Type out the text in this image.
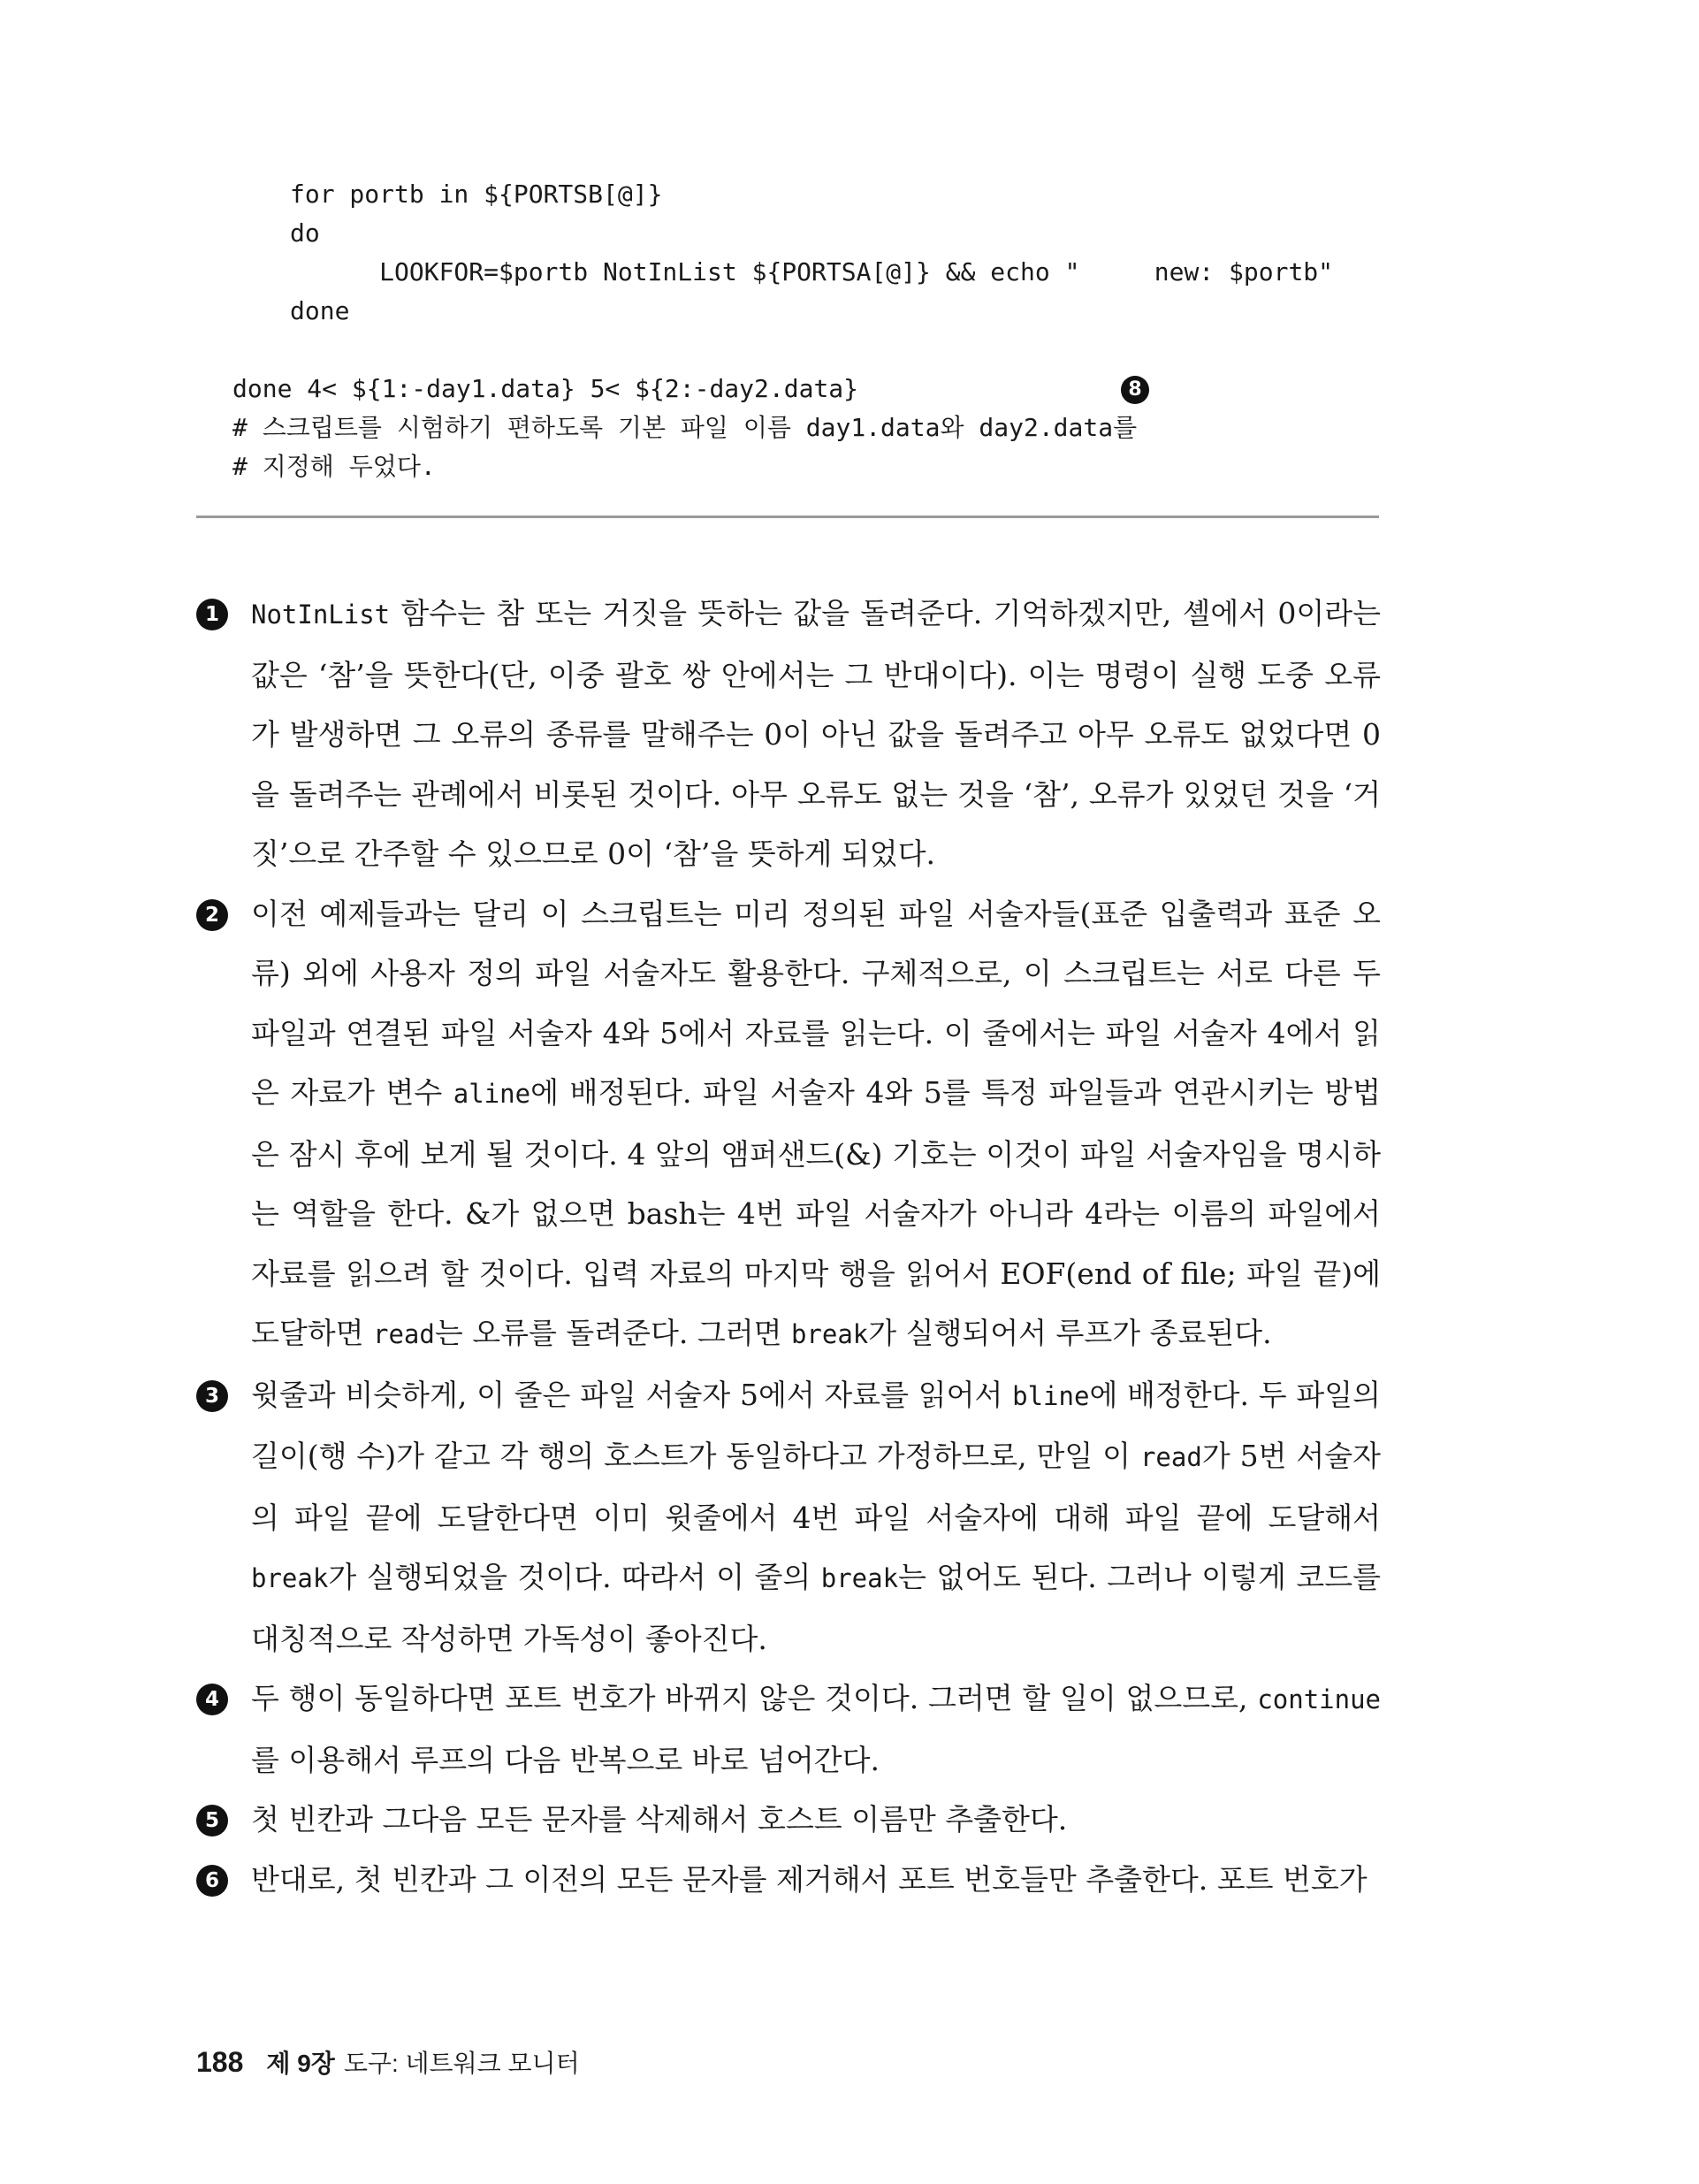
for portb in ${PORTSB[@]}
do
LOOKFOR=$portb NotInList ${PORTSA[@]} && echo "     new: $portb"
done
done 4< ${1:-day1.data} 5< ${2:-day2.data}	8
# 스크립트를 시험하기 편하도록 기본 파일 이름 day1.data와 day2.data를
# 지정해 두었다.
1	NotInList 함수는 참 또는 거짓을 뜻하는 값을 돌려준다. 기억하겠지만, 셸에서 0이라는 값은 ‘참’을 뜻한다(단, 이중 괄호 쌍 안에서는 그 반대이다). 이는 명령이 실행 도중 오류가 발생하면 그 오류의 종류를 말해주는 0이 아닌 값을 돌려주고 아무 오류도 없었다면 0을 돌려주는 관례에서 비롯된 것이다. 아무 오류도 없는 것을 ‘참’, 오류가 있었던 것을 ‘거짓’으로 간주할 수 있으므로 0이 ‘참’을 뜻하게 되었다.
2	이전 예제들과는 달리 이 스크립트는 미리 정의된 파일 서술자들(표준 입출력과 표준 오류) 외에 사용자 정의 파일 서술자도 활용한다. 구체적으로, 이 스크립트는 서로 다른 두 파일과 연결된 파일 서술자 4와 5에서 자료를 읽는다. 이 줄에서는 파일 서술자 4에서 읽은 자료가 변수 aline에 배정된다. 파일 서술자 4와 5를 특정 파일들과 연관시키는 방법은 잠시 후에 보게 될 것이다. 4 앞의 앰퍼샌드(&) 기호는 이것이 파일 서술자임을 명시하는 역할을 한다. &가 없으면 bash는 4번 파일 서술자가 아니라 4라는 이름의 파일에서 자료를 읽으려 할 것이다. 입력 자료의 마지막 행을 읽어서 EOF(end of file; 파일 끝)에 도달하면 read는 오류를 돌려준다. 그러면 break가 실행되어서 루프가 종료된다.
3	윗줄과 비슷하게, 이 줄은 파일 서술자 5에서 자료를 읽어서 bline에 배정한다. 두 파일의 길이(행 수)가 같고 각 행의 호스트가 동일하다고 가정하므로, 만일 이 read가 5번 서술자의 파일 끝에 도달한다면 이미 윗줄에서 4번 파일 서술자에 대해 파일 끝에 도달해서 break가 실행되었을 것이다. 따라서 이 줄의 break는 없어도 된다. 그러나 이렇게 코드를 대칭적으로 작성하면 가독성이 좋아진다.
4	두 행이 동일하다면 포트 번호가 바뀌지 않은 것이다. 그러면 할 일이 없으므로, continue를 이용해서 루프의 다음 반복으로 바로 넘어간다.
5	첫 빈칸과 그다음 모든 문자를 삭제해서 호스트 이름만 추출한다.
6	반대로, 첫 빈칸과 그 이전의 모든 문자를 제거해서 포트 번호들만 추출한다. 포트 번호가
188 제 9장 도구: 네트워크 모니터
